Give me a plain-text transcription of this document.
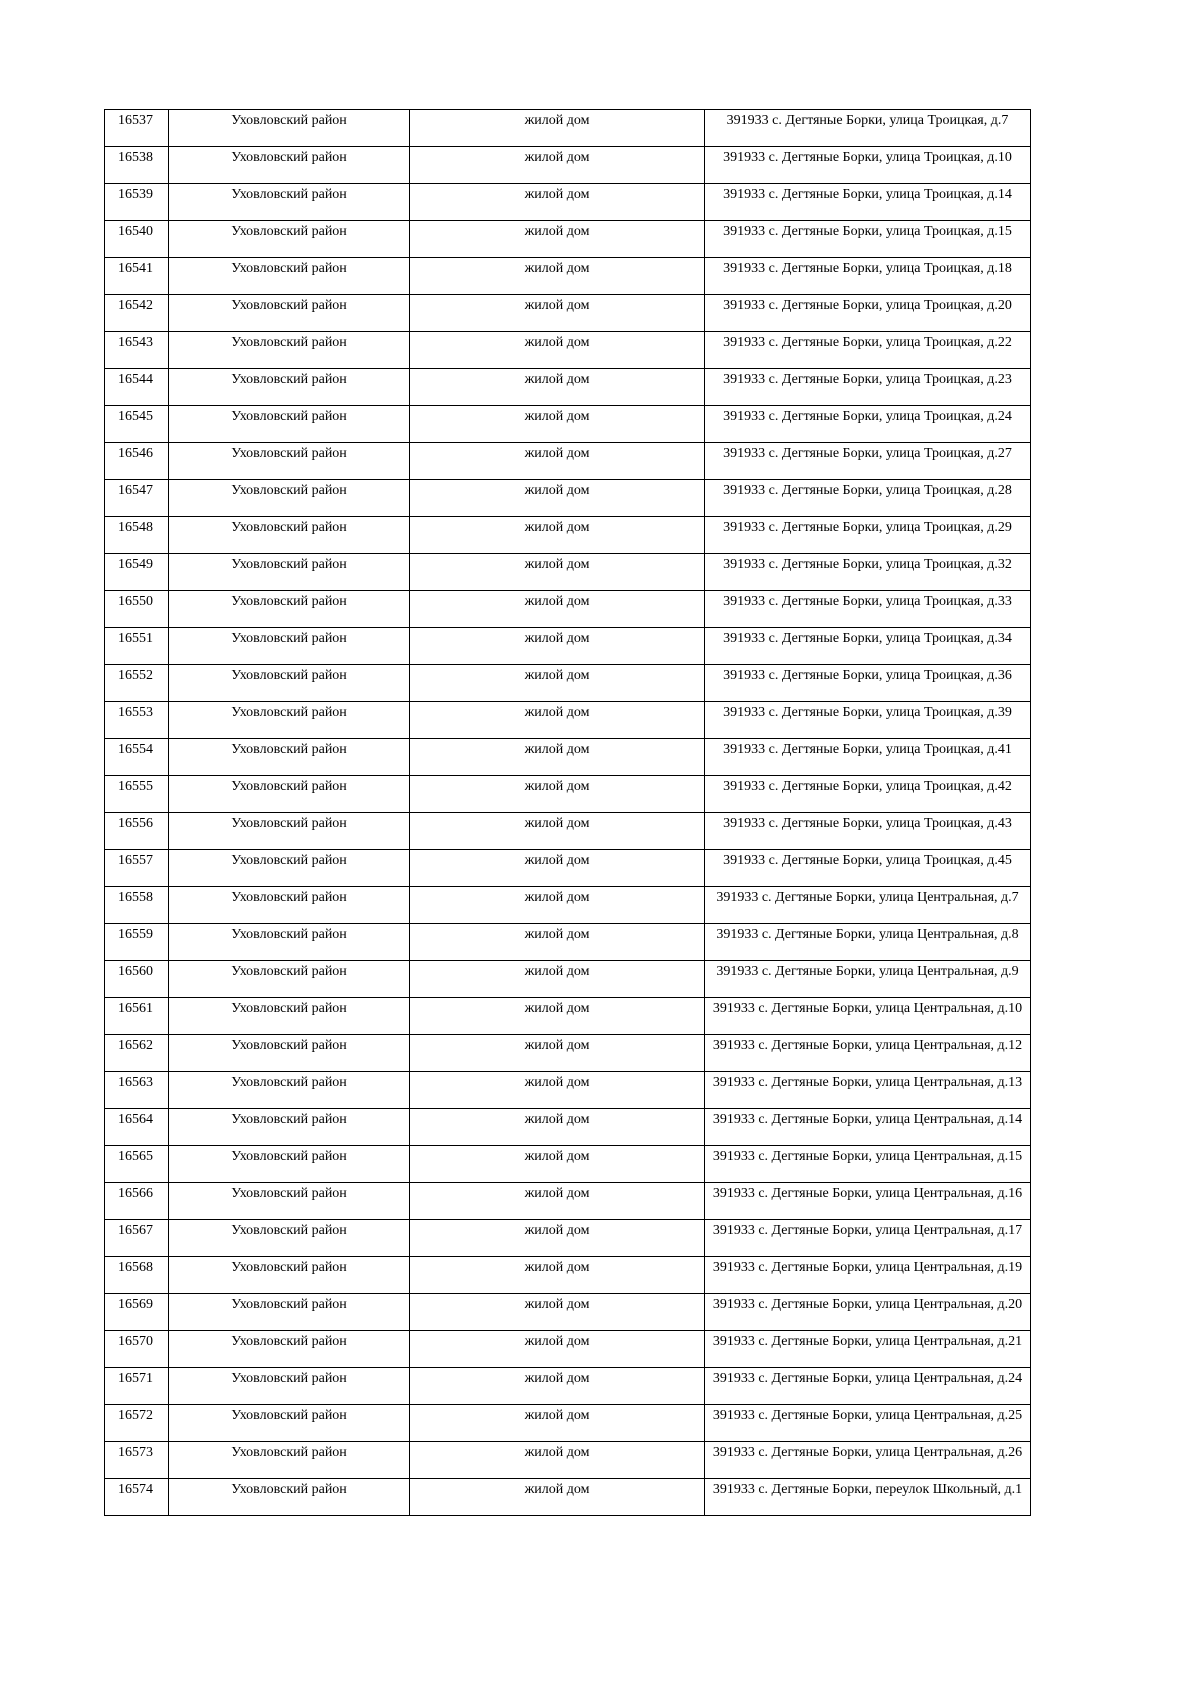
16537	Уховловский район	жилой дом	391933 с. Дегтяные Борки, улица Троицкая, д.7
16538	Уховловский район	жилой дом	391933 с. Дегтяные Борки, улица Троицкая, д.10
16539	Уховловский район	жилой дом	391933 с. Дегтяные Борки, улица Троицкая, д.14
16540	Уховловский район	жилой дом	391933 с. Дегтяные Борки, улица Троицкая, д.15
16541	Уховловский район	жилой дом	391933 с. Дегтяные Борки, улица Троицкая, д.18
16542	Уховловский район	жилой дом	391933 с. Дегтяные Борки, улица Троицкая, д.20
16543	Уховловский район	жилой дом	391933 с. Дегтяные Борки, улица Троицкая, д.22
16544	Уховловский район	жилой дом	391933 с. Дегтяные Борки, улица Троицкая, д.23
16545	Уховловский район	жилой дом	391933 с. Дегтяные Борки, улица Троицкая, д.24
16546	Уховловский район	жилой дом	391933 с. Дегтяные Борки, улица Троицкая, д.27
16547	Уховловский район	жилой дом	391933 с. Дегтяные Борки, улица Троицкая, д.28
16548	Уховловский район	жилой дом	391933 с. Дегтяные Борки, улица Троицкая, д.29
16549	Уховловский район	жилой дом	391933 с. Дегтяные Борки, улица Троицкая, д.32
16550	Уховловский район	жилой дом	391933 с. Дегтяные Борки, улица Троицкая, д.33
16551	Уховловский район	жилой дом	391933 с. Дегтяные Борки, улица Троицкая, д.34
16552	Уховловский район	жилой дом	391933 с. Дегтяные Борки, улица Троицкая, д.36
16553	Уховловский район	жилой дом	391933 с. Дегтяные Борки, улица Троицкая, д.39
16554	Уховловский район	жилой дом	391933 с. Дегтяные Борки, улица Троицкая, д.41
16555	Уховловский район	жилой дом	391933 с. Дегтяные Борки, улица Троицкая, д.42
16556	Уховловский район	жилой дом	391933 с. Дегтяные Борки, улица Троицкая, д.43
16557	Уховловский район	жилой дом	391933 с. Дегтяные Борки, улица Троицкая, д.45
16558	Уховловский район	жилой дом	391933 с. Дегтяные Борки, улица Центральная, д.7
16559	Уховловский район	жилой дом	391933 с. Дегтяные Борки, улица Центральная, д.8
16560	Уховловский район	жилой дом	391933 с. Дегтяные Борки, улица Центральная, д.9
16561	Уховловский район	жилой дом	391933 с. Дегтяные Борки, улица Центральная, д.10
16562	Уховловский район	жилой дом	391933 с. Дегтяные Борки, улица Центральная, д.12
16563	Уховловский район	жилой дом	391933 с. Дегтяные Борки, улица Центральная, д.13
16564	Уховловский район	жилой дом	391933 с. Дегтяные Борки, улица Центральная, д.14
16565	Уховловский район	жилой дом	391933 с. Дегтяные Борки, улица Центральная, д.15
16566	Уховловский район	жилой дом	391933 с. Дегтяные Борки, улица Центральная, д.16
16567	Уховловский район	жилой дом	391933 с. Дегтяные Борки, улица Центральная, д.17
16568	Уховловский район	жилой дом	391933 с. Дегтяные Борки, улица Центральная, д.19
16569	Уховловский район	жилой дом	391933 с. Дегтяные Борки, улица Центральная, д.20
16570	Уховловский район	жилой дом	391933 с. Дегтяные Борки, улица Центральная, д.21
16571	Уховловский район	жилой дом	391933 с. Дегтяные Борки, улица Центральная, д.24
16572	Уховловский район	жилой дом	391933 с. Дегтяные Борки, улица Центральная, д.25
16573	Уховловский район	жилой дом	391933 с. Дегтяные Борки, улица Центральная, д.26
16574	Уховловский район	жилой дом	391933 с. Дегтяные Борки, переулок Школьный, д.1
